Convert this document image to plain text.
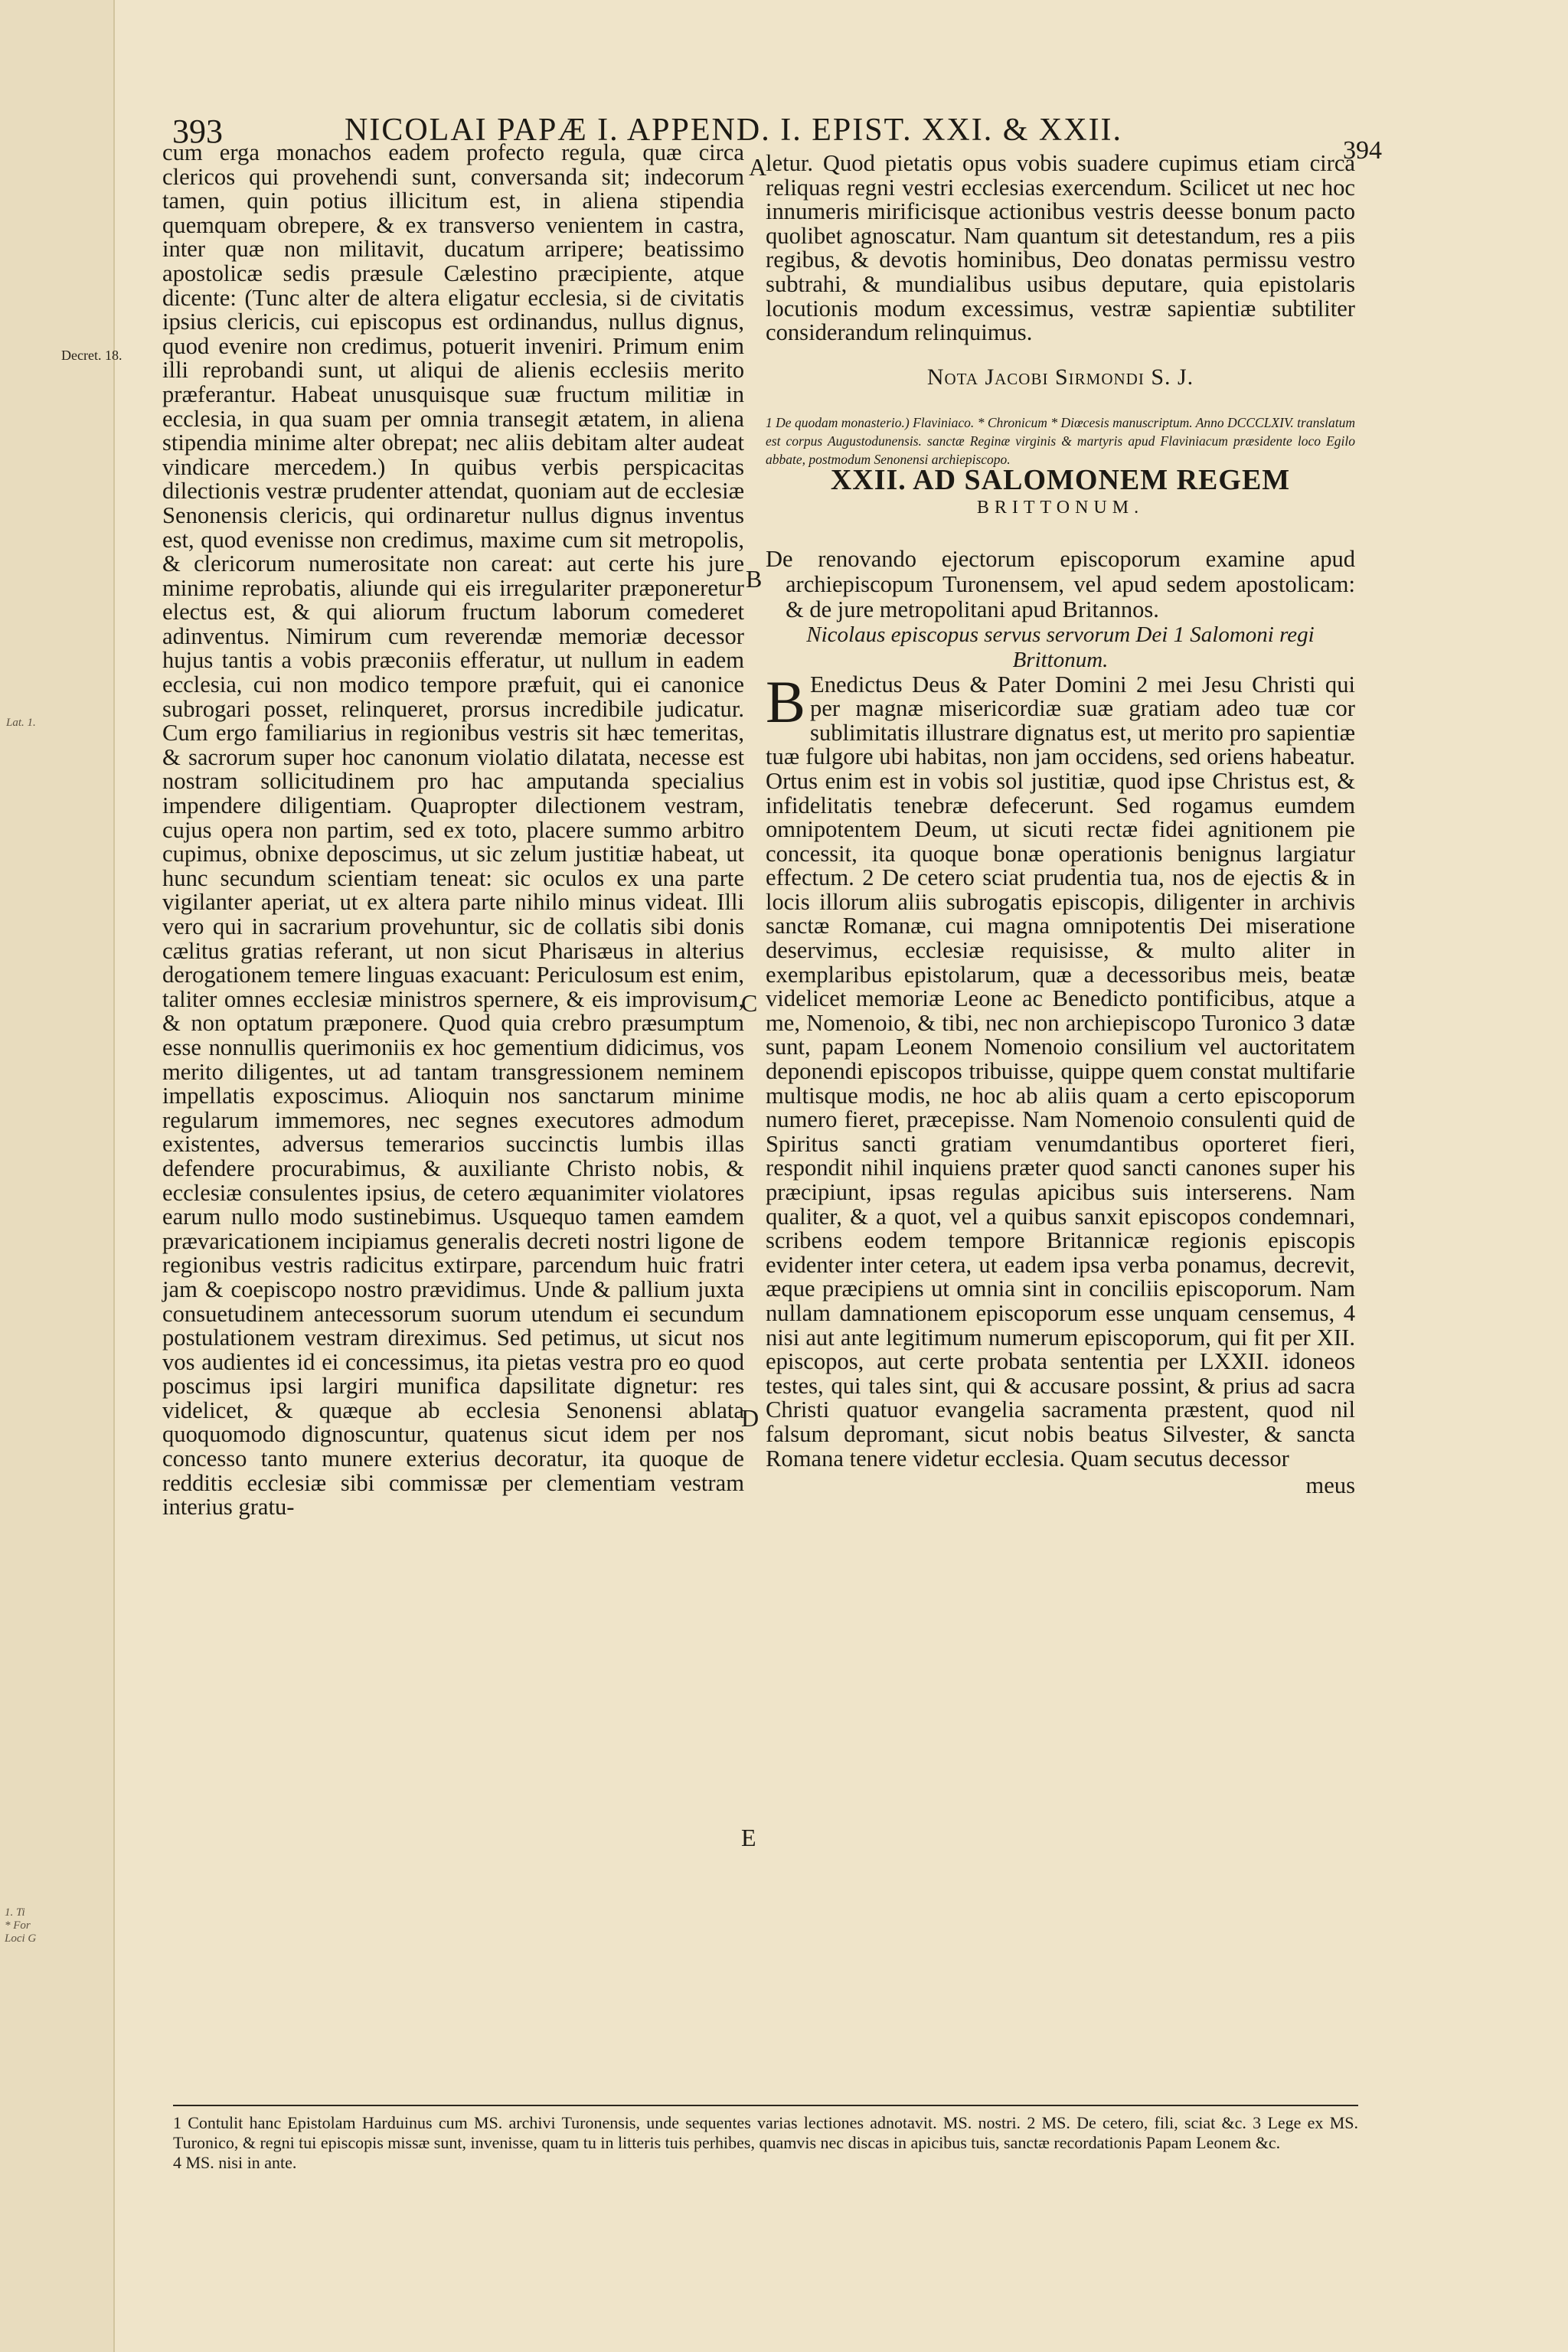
Lat. 1.
1. Ti
* For
Loci G
393	NICOLAI PAPÆ I. APPEND. I. EPIST. XXI. & XXII.
394
Decret. 18.
A
B
C
D
E

cum erga monachos eadem profecto regula, quæ circa clericos qui provehendi sunt, conversanda sit; indecorum tamen, quin potius illicitum est, in aliena stipendia quemquam obrepere, & ex transverso venientem in castra, inter quæ non militavit, ducatum arripere; beatissimo apostolicæ sedis præsule Cælestino præcipiente, atque dicente: (Tunc alter de altera eligatur ecclesia, si de civitatis ipsius clericis, cui episcopus est ordinandus, nullus dignus, quod evenire non credimus, potuerit inveniri. Primum enim illi reprobandi sunt, ut aliqui de alienis ecclesiis merito præferantur. Habeat unusquisque suæ fructum militiæ in ecclesia, in qua suam per omnia transegit ætatem, in aliena stipendia minime alter obrepat; nec aliis debitam alter audeat vindicare mercedem.) In quibus verbis perspicacitas dilectionis vestræ prudenter attendat, quoniam aut de ecclesiæ Senonensis clericis, qui ordinaretur nullus dignus inventus est, quod evenisse non credimus, maxime cum sit metropolis, & clericorum numerositate non careat: aut certe his jure minime reprobatis, aliunde qui eis irregulariter præponeretur electus est, & qui aliorum fructum laborum comederet adinventus. Nimirum cum reverendæ memoriæ decessor hujus tantis a vobis præconiis efferatur, ut nullum in eadem ecclesia, cui non modico tempore præfuit, qui ei canonice subrogari posset, relinqueret, prorsus incredibile judicatur. Cum ergo familiarius in regionibus vestris sit hæc temeritas, & sacrorum super hoc canonum violatio dilatata, necesse est nostram sollicitudinem pro hac amputanda specialius impendere diligentiam. Quapropter dilectionem vestram, cujus opera non partim, sed ex toto, placere summo arbitro cupimus, obnixe deposcimus, ut sic zelum justitiæ habeat, ut hunc secundum scientiam teneat: sic oculos ex una parte vigilanter aperiat, ut ex altera parte nihilo minus videat. Illi vero qui in sacrarium provehuntur, sic de collatis sibi donis cælitus gratias referant, ut non sicut Pharisæus in alterius derogationem temere linguas exacuant: Periculosum est enim, taliter omnes ecclesiæ ministros spernere, & eis improvisum, & non optatum præponere. Quod quia crebro præsumptum esse nonnullis querimoniis ex hoc gementium didicimus, vos merito diligentes, ut ad tantam transgressionem neminem impellatis exposcimus. Alioquin nos sanctarum minime regularum immemores, nec segnes executores admodum existentes, adversus temerarios succinctis lumbis illas defendere procurabimus, & auxiliante Christo nobis, & ecclesiæ consulentes ipsius, de cetero æquanimiter violatores earum nullo modo sustinebimus. Usquequo tamen eamdem prævaricationem incipiamus generalis decreti nostri ligone de regionibus vestris radicitus extirpare, parcendum huic fratri jam & coepiscopo nostro prævidimus. Unde & pallium juxta consuetudinem antecessorum suorum utendum ei secundum postulationem vestram direximus. Sed petimus, ut sicut nos vos audientes id ei concessimus, ita pietas vestra pro eo quod poscimus ipsi largiri munifica dapsilitate dignetur: res videlicet, & quæque ab ecclesia Senonensi ablata quoquomodo dignoscuntur, quatenus sicut idem per nos concesso tanto munere exterius decoratur, ita quoque de redditis ecclesiæ sibi commissæ per clementiam vestram interius gratu-

letur. Quod pietatis opus vobis suadere cupimus etiam circa reliquas regni vestri ecclesias exercendum. Scilicet ut nec hoc innumeris mirificisque actionibus vestris deesse bonum pacto quolibet agnoscatur. Nam quantum sit detestandum, res a piis regibus, & devotis hominibus, Deo donatas permissu vestro subtrahi, & mundialibus usibus deputare, quia epistolaris locutionis modum excessimus, vestræ sapientiæ subtiliter considerandum relinquimus.

Nota Jacobi Sirmondi S. J.

1 De quodam monasterio.) Flaviniaco. * Chronicum * Diœcesis manuscriptum. Anno DCCCLXIV. translatum est corpus Augustodunensis. sanctæ Reginæ virginis & martyris apud Flaviniacum præsidente loco Egilo abbate, postmodum Senonensi archiepiscopo.

XXII. AD SALOMONEM REGEM
BRITTONUM.

De renovando ejectorum episcoporum examine apud archiepiscopum Turonensem, vel apud sedem apostolicam: & de jure metropolitani apud Britannos.

Nicolaus episcopus servus servorum Dei 1 Salomoni regi Brittonum.

B Enedictus Deus & Pater Domini 2 mei Jesu Christi qui per magnæ misericordiæ suæ gratiam adeo tuæ cor sublimitatis illustrare dignatus est, ut merito pro sapientiæ tuæ fulgore ubi habitas, non jam occidens, sed oriens habeatur. Ortus enim est in vobis sol justitiæ, quod ipse Christus est, & infidelitatis tenebræ defecerunt. Sed rogamus eumdem omnipotentem Deum, ut sicuti rectæ fidei agnitionem pie concessit, ita quoque bonæ operationis benignus largiatur effectum. 2 De cetero sciat prudentia tua, nos de ejectis & in locis illorum aliis subrogatis episcopis, diligenter in archivis sanctæ Romanæ, cui magna omnipotentis Dei miseratione deservimus, ecclesiæ requisisse, & multo aliter in exemplaribus epistolarum, quæ a decessoribus meis, beatæ videlicet memoriæ Leone ac Benedicto pontificibus, atque a me, Nomenoio, & tibi, nec non archiepiscopo Turonico 3 datæ sunt, papam Leonem Nomenoio consilium vel auctoritatem deponendi episcopos tribuisse, quippe quem constat multifarie multisque modis, ne hoc ab aliis quam a certo episcoporum numero fieret, præcepisse. Nam Nomenoio consulenti quid de Spiritus sancti gratiam venumdantibus oporteret fieri, respondit nihil inquiens præter quod sancti canones super his præcipiunt, ipsas regulas apicibus suis interserens. Nam qualiter, & a quot, vel a quibus sanxit episcopos condemnari, scribens eodem tempore Britannicæ regionis episcopis evidenter inter cetera, ut eadem ipsa verba ponamus, decrevit, æque præcipiens ut omnia sint in conciliis episcoporum. Nam nullam damnationem episcoporum esse unquam censemus, 4 nisi aut ante legitimum numerum episcoporum, qui fit per XII. episcopos, aut certe probata sententia per LXXII. idoneos testes, qui tales sint, qui & accusare possint, & prius ad sacra Christi quatuor evangelia sacramenta præstent, quod nil falsum depromant, sicut nobis beatus Silvester, & sancta Romana tenere videtur ecclesia. Quam secutus decessor
meus

1 Contulit hanc Epistolam Harduinus cum MS. archivi Turonensis, unde sequentes varias lectiones adnotavit. MS. nostri. 2 MS. De cetero, fili, sciat &c. 3 Lege ex MS. Turonico, & regni tui episcopis missæ sunt, invenisse, quam tu in litteris tuis perhibes, quamvis nec discas in apicibus tuis, sanctæ recordationis Papam Leonem &c.

4 MS. nisi in ante.
